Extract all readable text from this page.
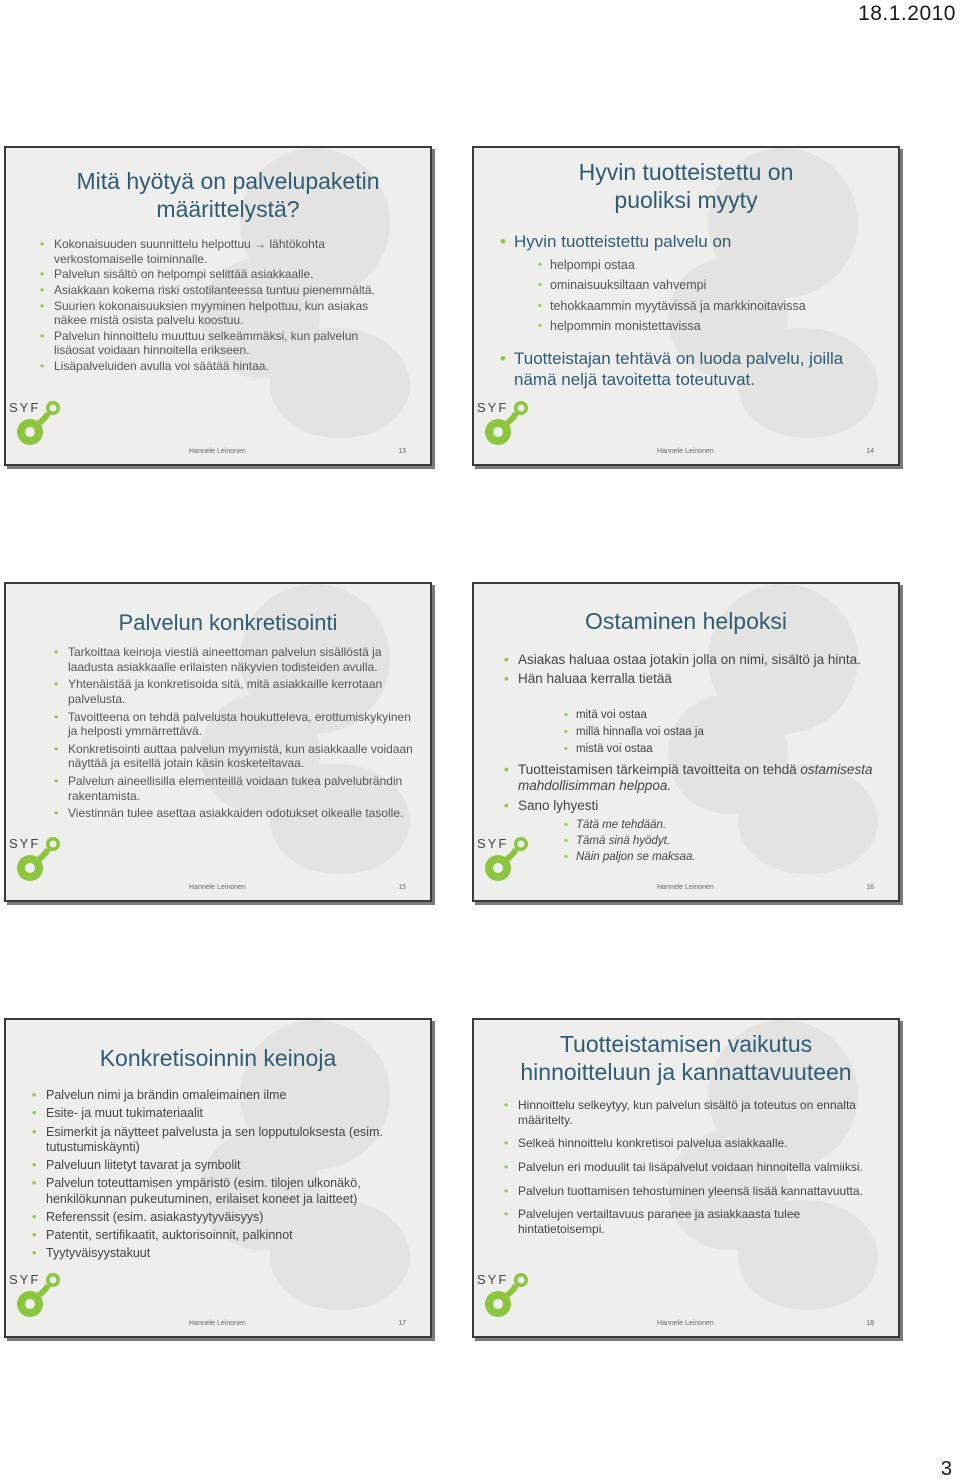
18.1.2010
Mitä hyötyä on palvelupaketin
määrittelystä?
• Kokonaisuuden suunnittelu helpottuu → lähtökohta verkostomaiselle toiminnalle.
• Palvelun sisältö on helpompi selittää asiakkaalle.
• Asiakkaan kokema riski ostotilanteessa tuntuu pienemmältä.
• Suurien kokonaisuuksien myyminen helpottuu, kun asiakas näkee mistä osista palvelu koostuu.
• Palvelun hinnoittelu muuttuu selkeämmäksi, kun palvelun lisäosat voidaan hinnoitella erikseen.
• Lisäpalveluiden avulla voi säätää hintaa.
SYF
Hannele Leinonen	13
Hyvin tuotteistettu on
puoliksi myyty
• Hyvin tuotteistettu palvelu on
• helpompi ostaa
• ominaisuuksiltaan vahvempi
• tehokkaammin myytävissä ja markkinoitavissa
• helpommin monistettavissa
• Tuotteistajan tehtävä on luoda palvelu, joilla nämä neljä tavoitetta toteutuvat.
SYF
Hannele Leinonen	14
Palvelun konkretisointi
• Tarkoittaa keinoja viestiä aineettoman palvelun sisällöstä ja laadusta asiakkaalle erilaisten näkyvien todisteiden avulla.
• Yhtenäistää ja konkretisoida sitä, mitä asiakkaille kerrotaan palvelusta.
• Tavoitteena on tehdä palvelusta houkutteleva, erottumiskykyinen ja helposti ymmärrettävä.
• Konkretisointi auttaa palvelun myymistä, kun asiakkaalle voidaan näyttää ja esitellä jotain käsin kosketeltavaa.
• Palvelun aineellisilla elementeillä voidaan tukea palvelubrändin rakentamista.
• Viestinnän tulee asettaa asiakkaiden odotukset oikealle tasolle.
SYF
Hannele Leinonen	15
Ostaminen helpoksi
• Asiakas haluaa ostaa jotakin jolla on nimi, sisältö ja hinta.
• Hän haluaa kerralla tietää
• mitä voi ostaa
• millä hinnalla voi ostaa ja
• mistä voi ostaa
• Tuotteistamisen tärkeimpiä tavoitteita on tehdä ostamisesta mahdollisimman helppoa.
• Sano lyhyesti
• Tätä me tehdään.
• Tämä sinä hyödyt.
• Näin paljon se maksaa.
SYF
Hannele Leinonen	16
Konkretisoinnin keinoja
• Palvelun nimi ja brändin omaleimainen ilme
• Esite- ja muut tukimateriaalit
• Esimerkit ja näytteet palvelusta ja sen lopputuloksesta (esim. tutustumiskäynti)
• Palveluun liitetyt tavarat ja symbolit
• Palvelun toteuttamisen ympäristö (esim. tilojen ulkonäkö, henkilökunnan pukeutuminen, erilaiset koneet ja laitteet)
• Referenssit (esim. asiakastyytyväisyys)
• Patentit, sertifikaatit, auktorisoinnit, palkinnot
• Tyytyväisyystakuut
SYF
Hannele Leinonen	17
Tuotteistamisen vaikutus
hinnoitteluun ja kannattavuuteen
• Hinnoittelu selkeytyy, kun palvelun sisältö ja toteutus on ennalta määritelty.
• Selkeä hinnoittelu konkretisoi palvelua asiakkaalle.
• Palvelun eri moduulit tai lisäpalvelut voidaan hinnoitella valmiiksi.
• Palvelun tuottamisen tehostuminen yleensä lisää kannattavuutta.
• Palvelujen vertailtavuus paranee ja asiakkaasta tulee hintatietoisempi.
SYF
Hannele Leinonen	18
3
